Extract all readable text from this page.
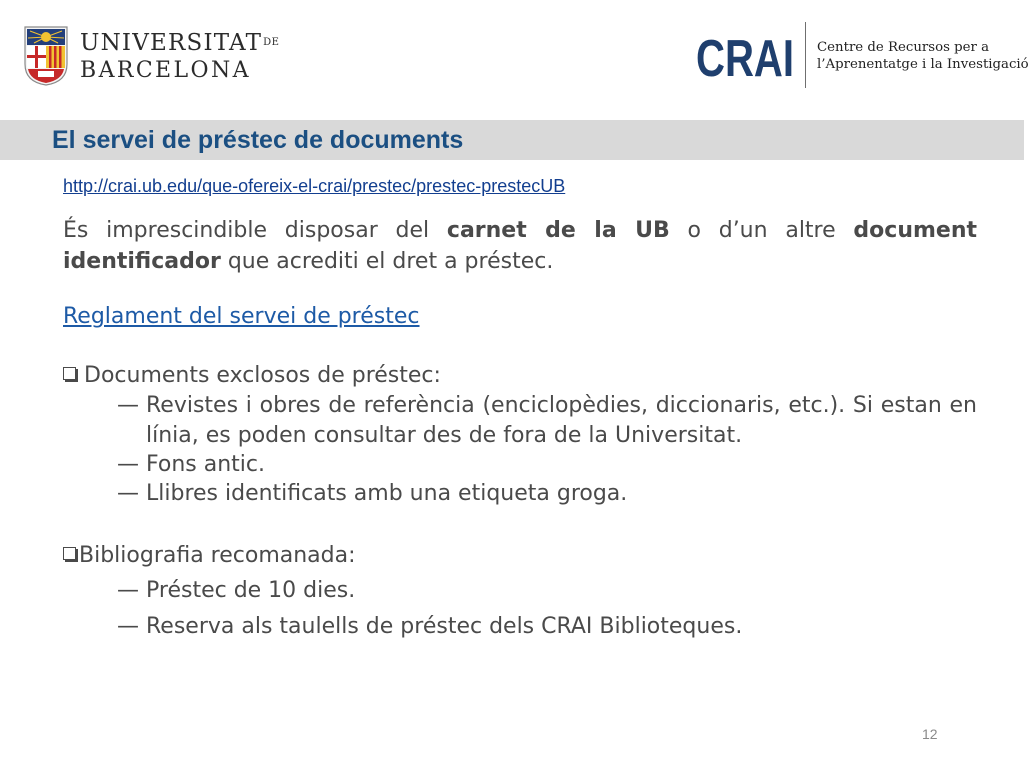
$UNIVERSITAT^{DE}$
BARCELONA	CRAI Centre de Recursos per a
l’Aprenentatge i la Investigació
El servei de préstec de documents
http://crai.ub.edu/que-ofereix-el-crai/prestec/prestec-prestecUB
És imprescindible disposar del carnet de la UB o d’un altre document identificador que acrediti el dret a préstec.
Reglament del servei de préstec
Documents exclosos de préstec:
— Revistes i obres de referència (enciclopèdies, diccionaris, etc.). Si estan en línia, es poden consultar des de fora de la Universitat.
— Fons antic.
— Llibres identificats amb una etiqueta groga.
Bibliografia recomanada:
— Préstec de 10 dies.
— Reserva als taulells de préstec dels CRAI Biblioteques.
12
